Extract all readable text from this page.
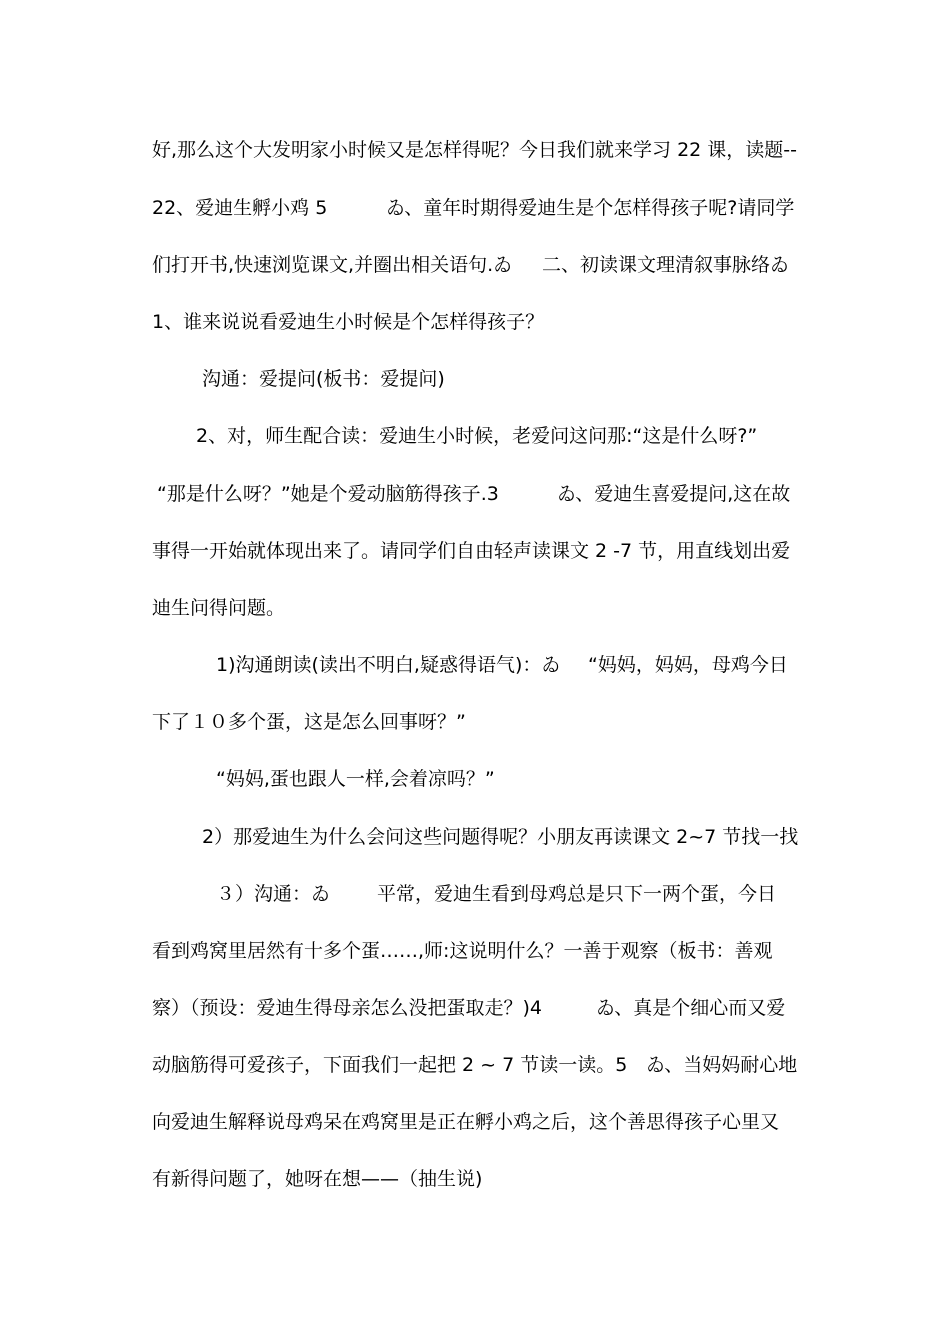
好,那么这个大发明家小时候又是怎样得呢？今日我们就来学习 22 课，读题--
22、爱迪生孵小鸡 5	ゐ、童年时期得爱迪生是个怎样得孩子呢?请同学
们打开书,快速浏览课文,并圈出相关语句.ゐ 二、初读课文理清叙事脉络ゐ
1、谁来说说看爱迪生小时候是个怎样得孩子？
沟通：爱提问(板书：爱提问)
2、对，师生配合读：爱迪生小时候，老爱问这问那:“这是什么呀?”
“那是什么呀？”她是个爱动脑筋得孩子.3	ゐ、爱迪生喜爱提问,这在故
事得一开始就体现出来了。请同学们自由轻声读课文 2 -7 节，用直线划出爱
迪生问得问题。
1)沟通朗读(读出不明白,疑惑得语气)：ゐ “妈妈，妈妈，母鸡今日
下了１０多个蛋，这是怎么回事呀？”
“妈妈,蛋也跟人一样,会着凉吗？”
2）那爱迪生为什么会问这些问题得呢？小朋友再读课文 2~7 节找一找
３）沟通：ゐ 平常，爱迪生看到母鸡总是只下一两个蛋，今日
看到鸡窝里居然有十多个蛋……,师:这说明什么？一善于观察（板书：善观
察）（预设：爱迪生得母亲怎么没把蛋取走？)4	ゐ、真是个细心而又爱
动脑筋得可爱孩子，下面我们一起把 2 ~ 7 节读一读。5 ゐ、当妈妈耐心地
向爱迪生解释说母鸡呆在鸡窝里是正在孵小鸡之后，这个善思得孩子心里又
有新得问题了，她呀在想——（抽生说)
